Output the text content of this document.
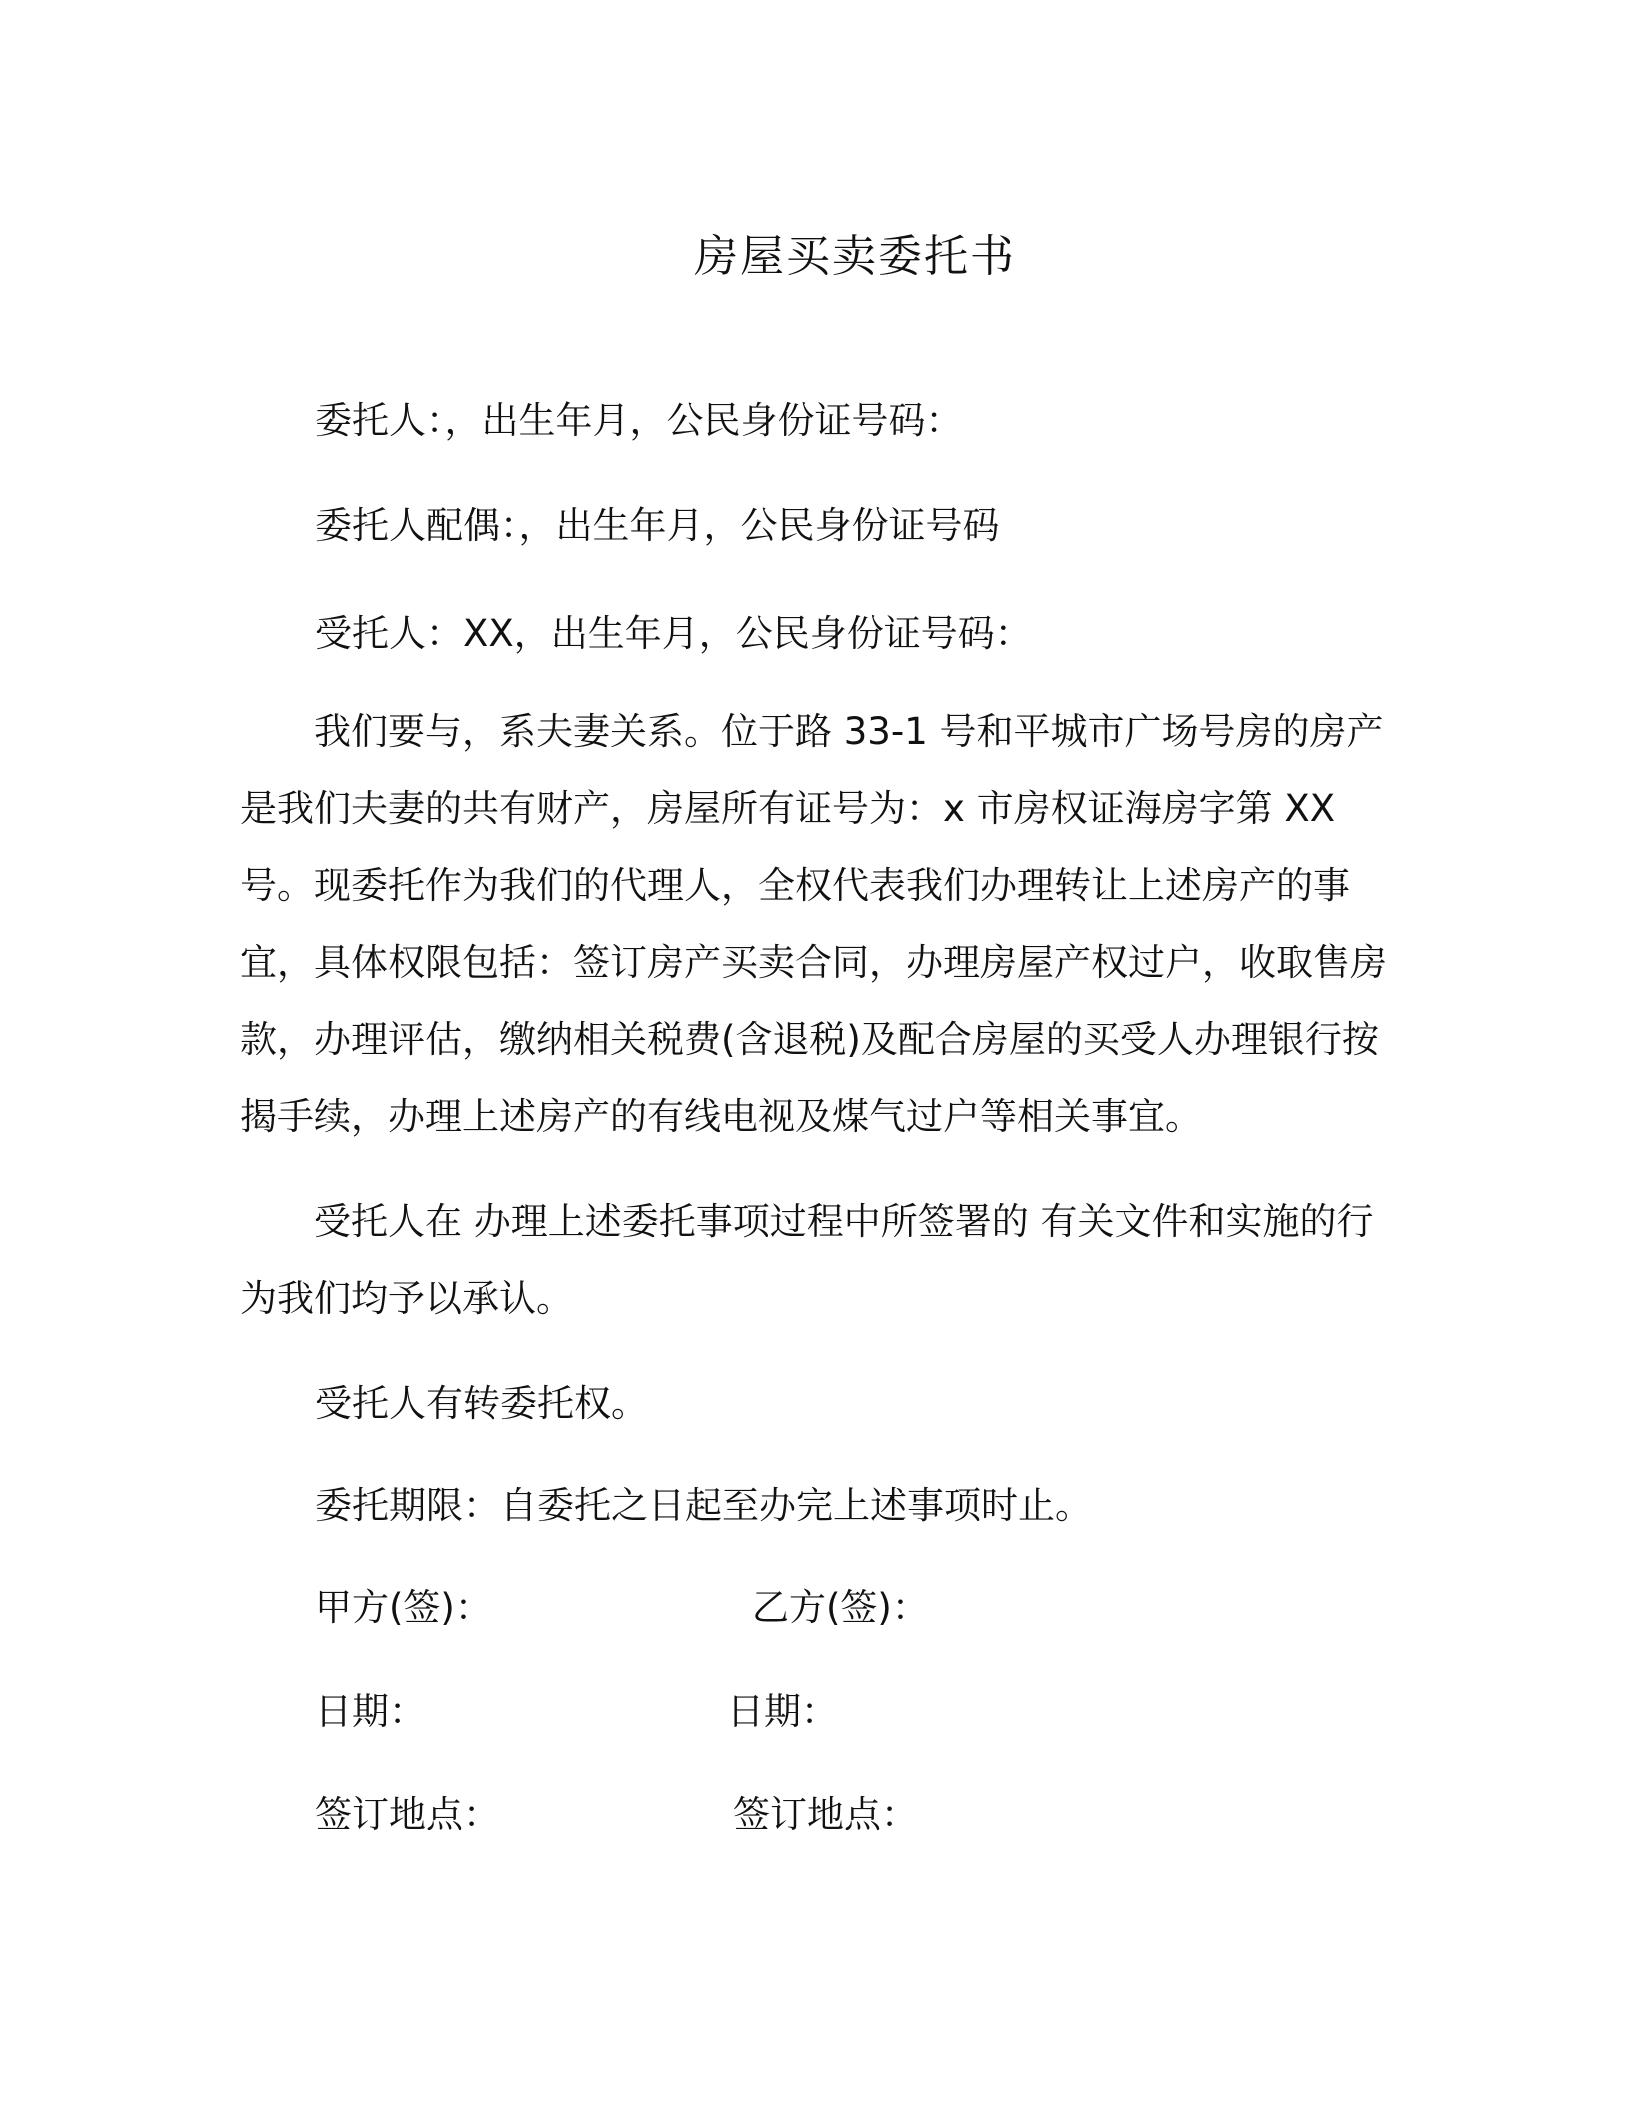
房屋买卖委托书
委托人：，出生年月，公民身份证号码：
委托人配偶：，出生年月，公民身份证号码
受托人：XX，出生年月，公民身份证号码：
我们要与，系夫妻关系。位于路 33-1 号和平城市广场号房的房产是我们夫妻的共有财产，房屋所有证号为：x 市房权证海房字第 XX 号。现委托作为我们的代理人，全权代表我们办理转让上述房产的事宜，具体权限包括：签订房产买卖合同，办理房屋产权过户，收取售房款，办理评估，缴纳相关税费(含退税)及配合房屋的买受人办理银行按揭手续，办理上述房产的有线电视及煤气过户等相关事宜。
受托人在 办理上述委托事项过程中所签署的 有关文件和实施的行为我们均予以承认。
受托人有转委托权。
委托期限：自委托之日起至办完上述事项时止。
甲方(签)：	乙方(签)：
日期：	日期：
签订地点：	签订地点：
